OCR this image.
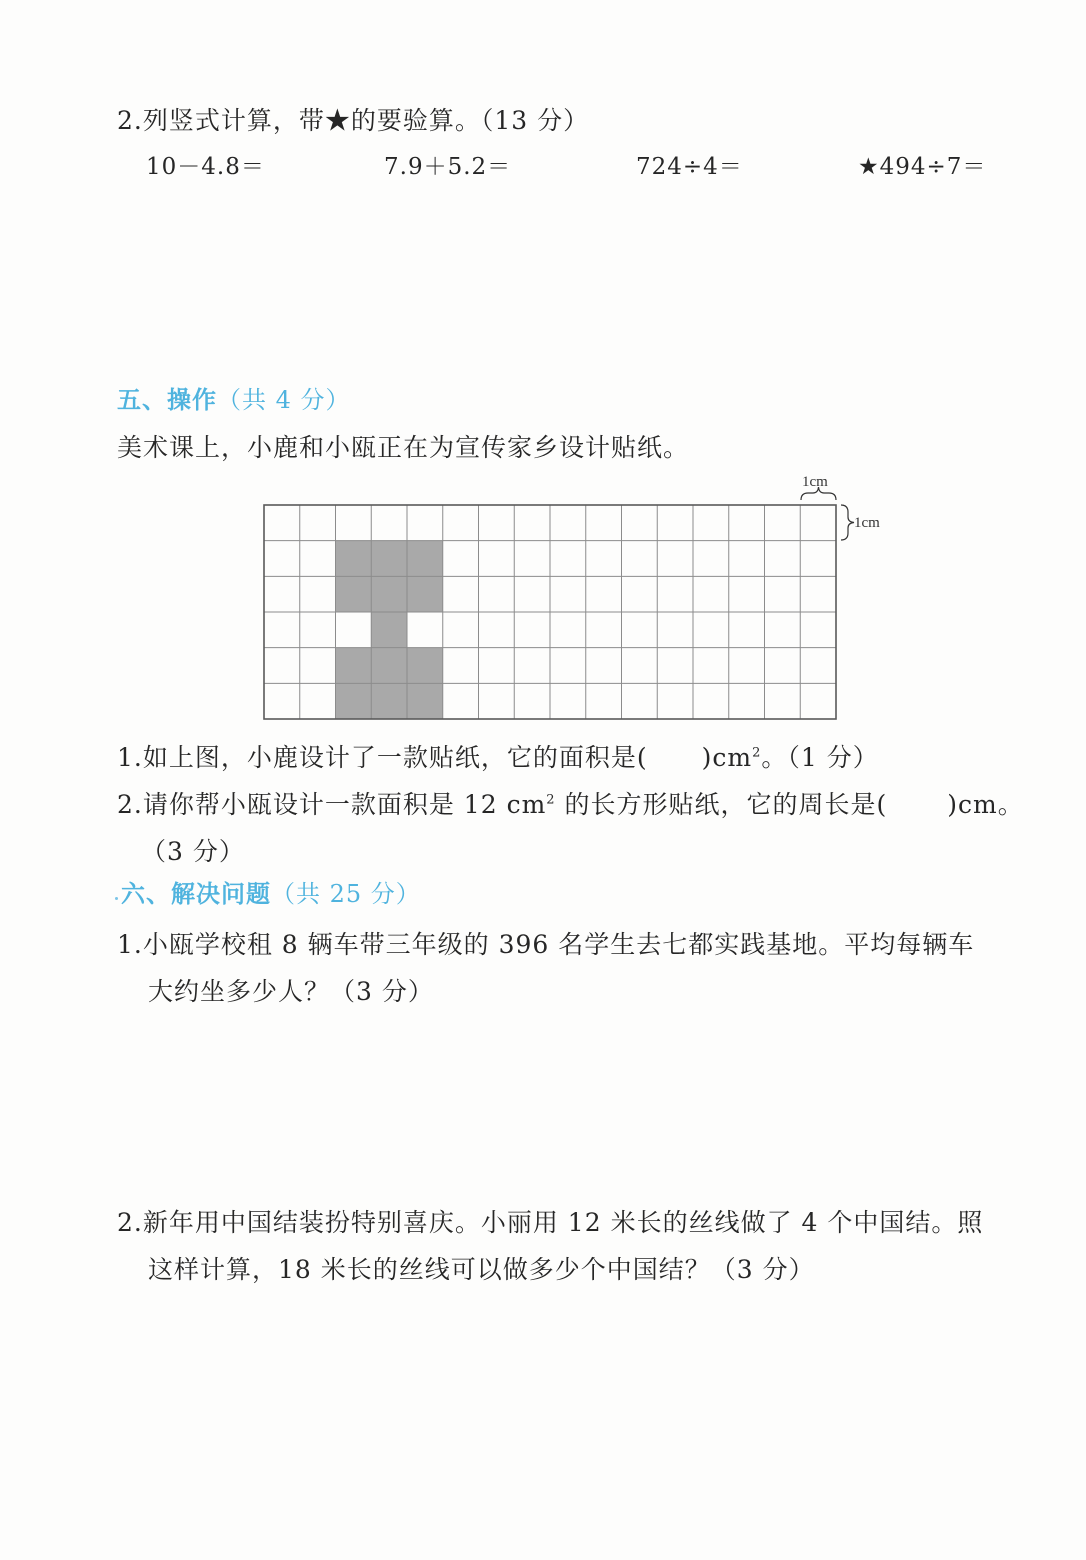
2.列竖式计算，带★的要验算。（13 分）
10－4.8＝	7.9＋5.2＝	724÷4＝	★494÷7＝
五、操作（共 4 分）
美术课上，小鹿和小瓯正在为宣传家乡设计贴纸。
1cm
1cm
1.如上图，小鹿设计了一款贴纸，它的面积是( )$cm^2$。（1 分）
2.请你帮小瓯设计一款面积是 12 $cm^2$ 的长方形贴纸，它的周长是( )cm。
（3 分）
六、解决问题（共 25 分）
1.小瓯学校租 8 辆车带三年级的 396 名学生去七都实践基地。平均每辆车
大约坐多少人？（3 分）
2.新年用中国结装扮特别喜庆。小丽用 12 米长的丝线做了 4 个中国结。照
这样计算，18 米长的丝线可以做多少个中国结？（3 分）
